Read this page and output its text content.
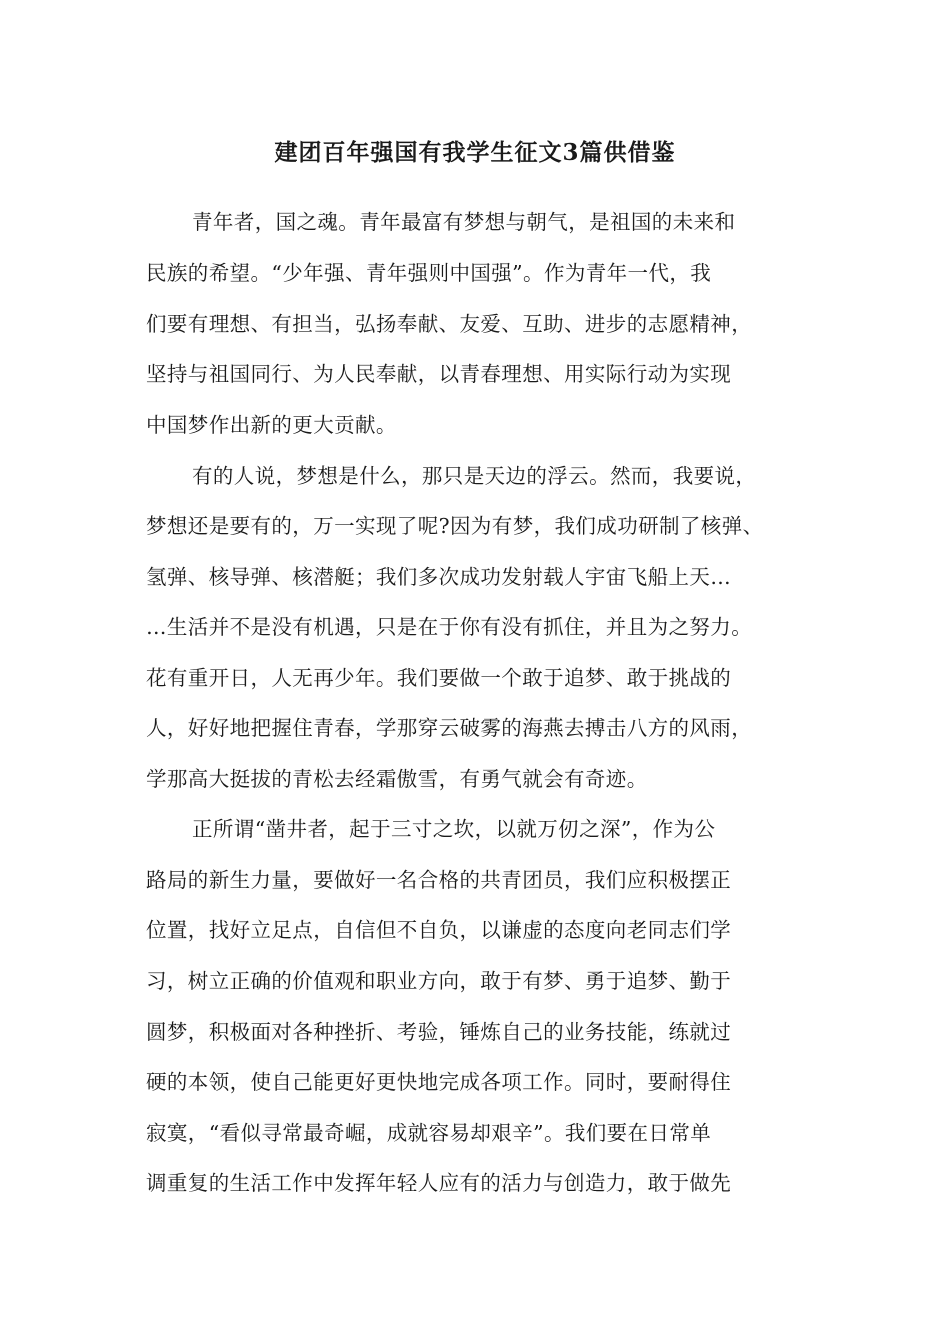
建团百年强国有我学生征文3篇供借鉴
青年者，国之魂。青年最富有梦想与朝气，是祖国的未来和
民族的希望。“少年强、青年强则中国强”。作为青年一代，我
们要有理想、有担当，弘扬奉献、友爱、互助、进步的志愿精神，
坚持与祖国同行、为人民奉献，以青春理想、用实际行动为实现
中国梦作出新的更大贡献。
有的人说，梦想是什么，那只是天边的浮云。然而，我要说，
梦想还是要有的，万一实现了呢?因为有梦，我们成功研制了核弹、
氢弹、核导弹、核潜艇；我们多次成功发射载人宇宙飞船上天…
…生活并不是没有机遇，只是在于你有没有抓住，并且为之努力。
花有重开日，人无再少年。我们要做一个敢于追梦、敢于挑战的
人，好好地把握住青春，学那穿云破雾的海燕去搏击八方的风雨，
学那高大挺拔的青松去经霜傲雪，有勇气就会有奇迹。
正所谓“凿井者，起于三寸之坎，以就万仞之深”，作为公
路局的新生力量，要做好一名合格的共青团员，我们应积极摆正
位置，找好立足点，自信但不自负，以谦虚的态度向老同志们学
习，树立正确的价值观和职业方向，敢于有梦、勇于追梦、勤于
圆梦，积极面对各种挫折、考验，锤炼自己的业务技能，练就过
硬的本领，使自己能更好更快地完成各项工作。同时，要耐得住
寂寞，“看似寻常最奇崛，成就容易却艰辛”。我们要在日常单
调重复的生活工作中发挥年轻人应有的活力与创造力，敢于做先
